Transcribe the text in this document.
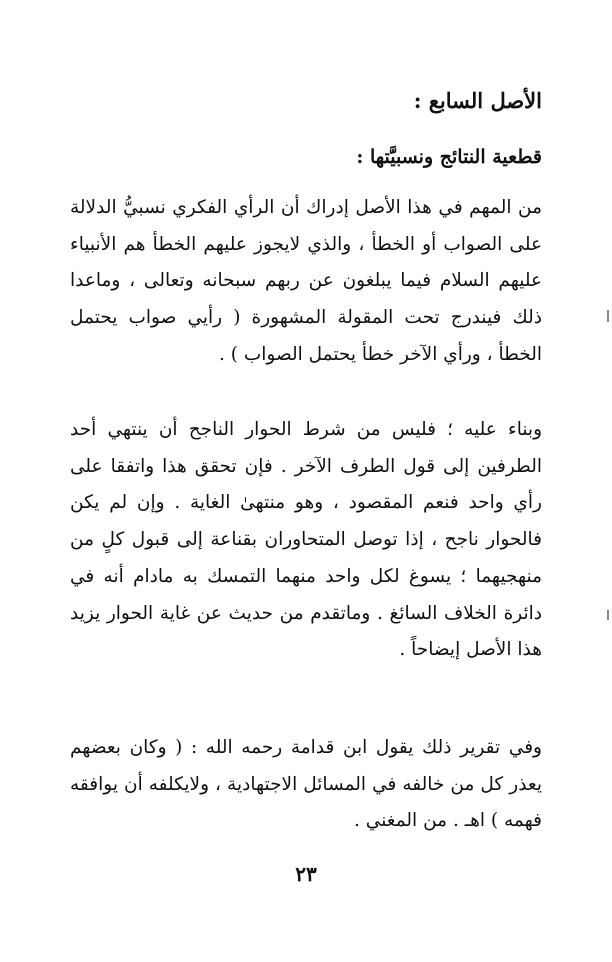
الأصل السابع :
قطعية النتائج ونسبيَّتها :

من المهم في هذا الأصل إدراك أن الرأي الفكري نسبيُّ الدلالة على الصواب أو الخطأ ، والذي لايجوز عليهم الخطأ هم الأنبياء عليهم السلام فيما يبلغون عن ربهم سبحانه وتعالى ، وماعدا ذلك فيندرج تحت المقولة المشهورة ( رأيي صواب يحتمل الخطأ ، ورأي الآخر خطأ يحتمل الصواب ) .

وبناء عليه ؛ فليس من شرط الحوار الناجح أن ينتهي أحد الطرفين إلى قول الطرف الآخر . فإن تحقق هذا واتفقا على رأي واحد فنعم المقصود ، وهو منتهىٰ الغاية . وإن لم يكن فالحوار ناجح ، إذا توصل المتحاوران بقناعة إلى قبول كلٍ من منهجيهما ؛ يسوغ لكل واحد منهما التمسك به مادام أنه في دائرة الخلاف السائغ . وماتقدم من حديث عن غاية الحوار يزيد هذا الأصل إيضاحاً .

وفي تقرير ذلك يقول ابن قدامة رحمه الله : ( وكان بعضهم يعذر كل من خالفه في المسائل الاجتهادية ، ولايكلفه أن يوافقه فهمه ) اهـ . من المغني .

٢٣
